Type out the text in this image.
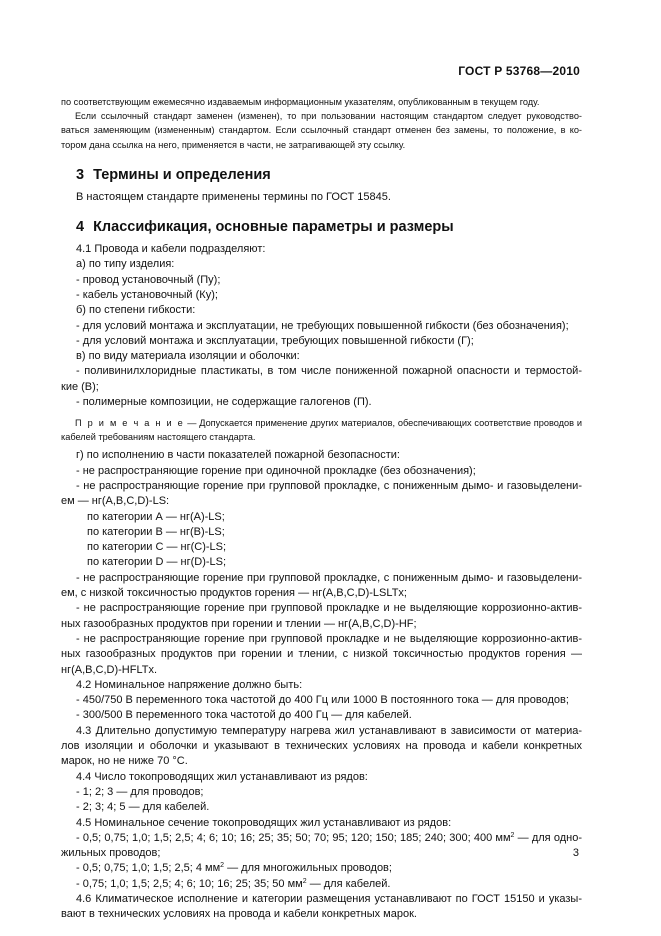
ГОСТ Р 53768—2010

по соответствующим ежемесячно издаваемым информационным указателям, опубликованным в текущем году.

Если ссылочный стандарт заменен (изменен), то при пользовании настоящим стандартом следует руководство-ваться заменяющим (измененным) стандартом. Если ссылочный стандарт отменен без замены, то положение, в ко-тором дана ссылка на него, применяется в части, не затрагивающей эту ссылку.

3 Термины и определения

В настоящем стандарте применены термины по ГОСТ 15845.

4 Классификация, основные параметры и размеры

4.1 Провода и кабели подразделяют:

а) по типу изделия:

- провод установочный (Пу);

- кабель установочный (Ку);

б) по степени гибкости:

- для условий монтажа и эксплуатации, не требующих повышенной гибкости (без обозначения);

- для условий монтажа и эксплуатации, требующих повышенной гибкости (Г);

в) по виду материала изоляции и оболочки:

- поливинилхлоридные пластикаты, в том числе пониженной пожарной опасности и термостой-кие (В);

- полимерные композиции, не содержащие галогенов (П).

П р и м е ч а н и е — Допускается применение других материалов, обеспечивающих соответствие проводов и кабелей требованиям настоящего стандарта.

г) по исполнению в части показателей пожарной безопасности:

- не распространяющие горение при одиночной прокладке (без обозначения);

- не распространяющие горение при групповой прокладке, с пониженным дымо- и газовыделени-ем — нг(A,B,C,D)-LS:

по категории А — нг(A)-LS;

по категории В — нг(B)-LS;

по категории С — нг(C)-LS;

по категории D — нг(D)-LS;

- не распространяющие горение при групповой прокладке, с пониженным дымо- и газовыделени-ем, с низкой токсичностью продуктов горения — нг(A,B,C,D)-LSLTx;

- не распространяющие горение при групповой прокладке и не выделяющие коррозионно-актив-ных газообразных продуктов при горении и тлении — нг(A,B,C,D)-HF;

- не распространяющие горение при групповой прокладке и не выделяющие коррозионно-актив-ных газообразных продуктов при горении и тлении, с низкой токсичностью продуктов горения — нг(A,B,C,D)-HFLTx.

4.2 Номинальное напряжение должно быть:

- 450/750 В переменного тока частотой до 400 Гц или 1000 В постоянного тока — для проводов;

- 300/500 В переменного тока частотой до 400 Гц — для кабелей.

4.3 Длительно допустимую температуру нагрева жил устанавливают в зависимости от материа-лов изоляции и оболочки и указывают в технических условиях на провода и кабели конкретных марок, но не ниже 70 °С.

4.4 Число токопроводящих жил устанавливают из рядов:

- 1; 2; 3 — для проводов;

- 2; 3; 4; 5 — для кабелей.

4.5 Номинальное сечение токопроводящих жил устанавливают из рядов:

- 0,5; 0,75; 1,0; 1,5; 2,5; 4; 6; 10; 16; 25; 35; 50; 70; 95; 120; 150; 185; 240; 300; 400 $мм^2$ — для одно-жильных проводов;

- 0,5; 0,75; 1,0; 1,5; 2,5; 4 $мм^2$ — для многожильных проводов;

- 0,75; 1,0; 1,5; 2,5; 4; 6; 10; 16; 25; 35; 50 $мм^2$ — для кабелей.

4.6 Климатическое исполнение и категории размещения устанавливают по ГОСТ 15150 и указы-вают в технических условиях на провода и кабели конкретных марок.

3
